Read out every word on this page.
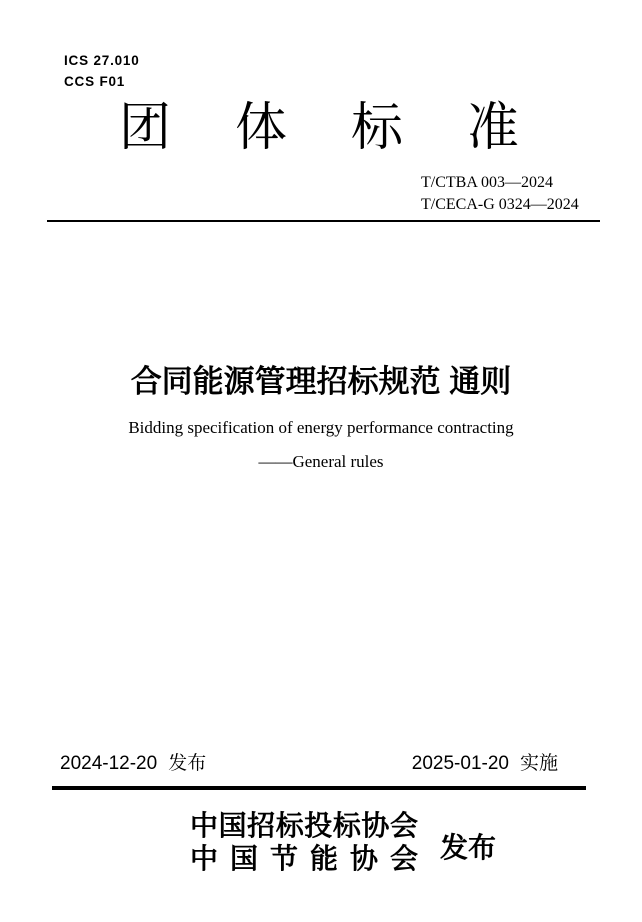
ICS 27.010
CCS F01
团体标准
T/CTBA 003—2024
T/CECA-G 0324—2024
合同能源管理招标规范 通则
Bidding specification of energy performance contracting
——General rules
2024-12-20 发布	2025-01-20 实施
中国招标投标协会
中国节能协会 发布
